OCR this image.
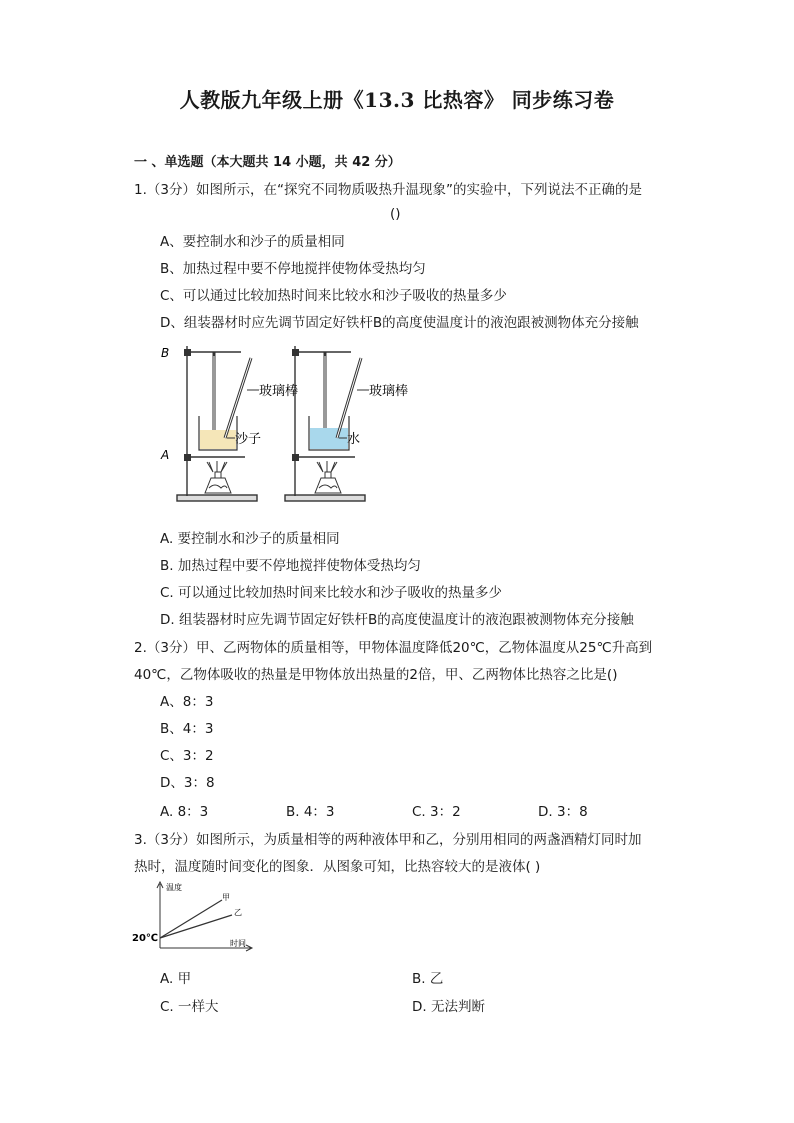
人教版九年级上册《13.3 比热容》 同步练习卷
一 、单选题（本大题共 14 小题，共 42 分）
1.（3分）如图所示，在“探究不同物质吸热升温现象”的实验中，下列说法不正确的是
()
A、要控制水和沙子的质量相同
B、加热过程中要不停地搅拌使物体受热均匀
C、可以通过比较加热时间来比较水和沙子吸收的热量多少
D、组装器材时应先调节固定好铁杆B的高度使温度计的液泡跟被测物体充分接触
B
A
玻璃棒	玻璃棒
沙子	水
A. 要控制水和沙子的质量相同
B. 加热过程中要不停地搅拌使物体受热均匀
C. 可以通过比较加热时间来比较水和沙子吸收的热量多少
D. 组装器材时应先调节固定好铁杆B的高度使温度计的液泡跟被测物体充分接触
2.（3分）甲、乙两物体的质量相等，甲物体温度降低20℃，乙物体温度从25℃升高到
40℃，乙物体吸收的热量是甲物体放出热量的2倍，甲、乙两物体比热容之比是()
A、8：3
B、4：3
C、3：2
D、3：8
A. 8：3	B. 4：3	C. 3：2	D. 3：8
3.（3分）如图所示，为质量相等的两种液体甲和乙，分别用相同的两盏酒精灯同时加
热时，温度随时间变化的图象．从图象可知，比热容较大的是液体( )
温度
时间
20℃
甲
乙
A. 甲	B. 乙
C. 一样大	D. 无法判断
